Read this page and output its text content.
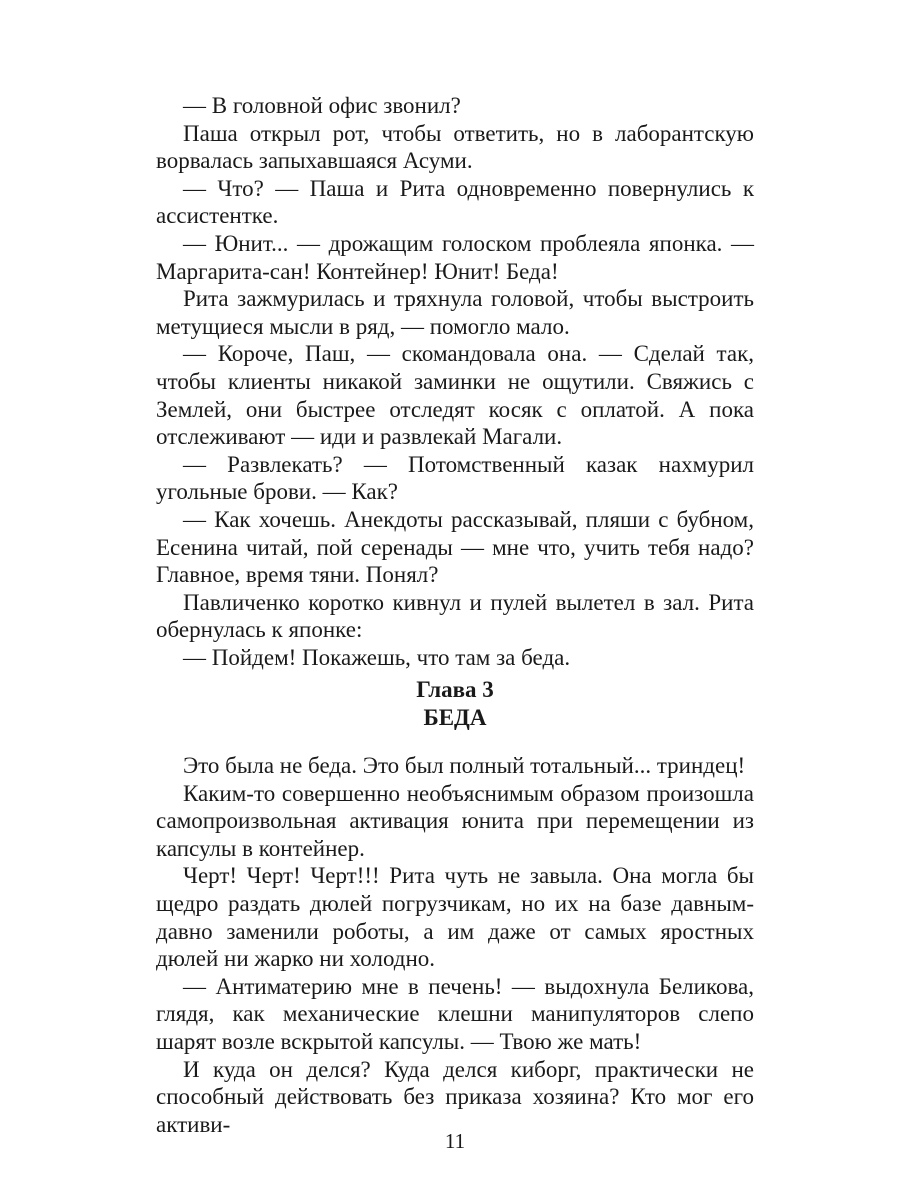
— В головной офис звонил?

Паша открыл рот, чтобы ответить, но в лаборантскую ворвалась запыхавшаяся Асуми.

— Что? — Паша и Рита одновременно повернулись к ассистентке.

— Юнит... — дрожащим голоском проблеяла японка. — Маргарита-сан! Контейнер! Юнит! Беда!

Рита зажмурилась и тряхнула головой, чтобы выстроить метущиеся мысли в ряд, — помогло мало.

— Короче, Паш, — скомандовала она. — Сделай так, чтобы клиенты никакой заминки не ощутили. Свяжись с Землей, они быстрее отследят косяк с оплатой. А пока отслеживают — иди и развлекай Магали.

— Развлекать? — Потомственный казак нахмурил угольные брови. — Как?

— Как хочешь. Анекдоты рассказывай, пляши с бубном, Есенина читай, пой серенады — мне что, учить тебя надо? Главное, время тяни. Понял?

Павличенко коротко кивнул и пулей вылетел в зал. Рита обернулась к японке:

— Пойдем! Покажешь, что там за беда.

Глава 3
БЕДА

Это была не беда. Это был полный тотальный... триндец!

Каким-то совершенно необъяснимым образом произошла самопроизвольная активация юнита при перемещении из капсулы в контейнер.

Черт! Черт! Черт!!! Рита чуть не завыла. Она могла бы щедро раздать дюлей погрузчикам, но их на базе давным-давно заменили роботы, а им даже от самых яростных дюлей ни жарко ни холодно.

— Антиматерию мне в печень! — выдохнула Беликова, глядя, как механические клешни манипуляторов слепо шарят возле вскрытой капсулы. — Твою же мать!

И куда он делся? Куда делся киборг, практически не способный действовать без приказа хозяина? Кто мог его активи-

11
